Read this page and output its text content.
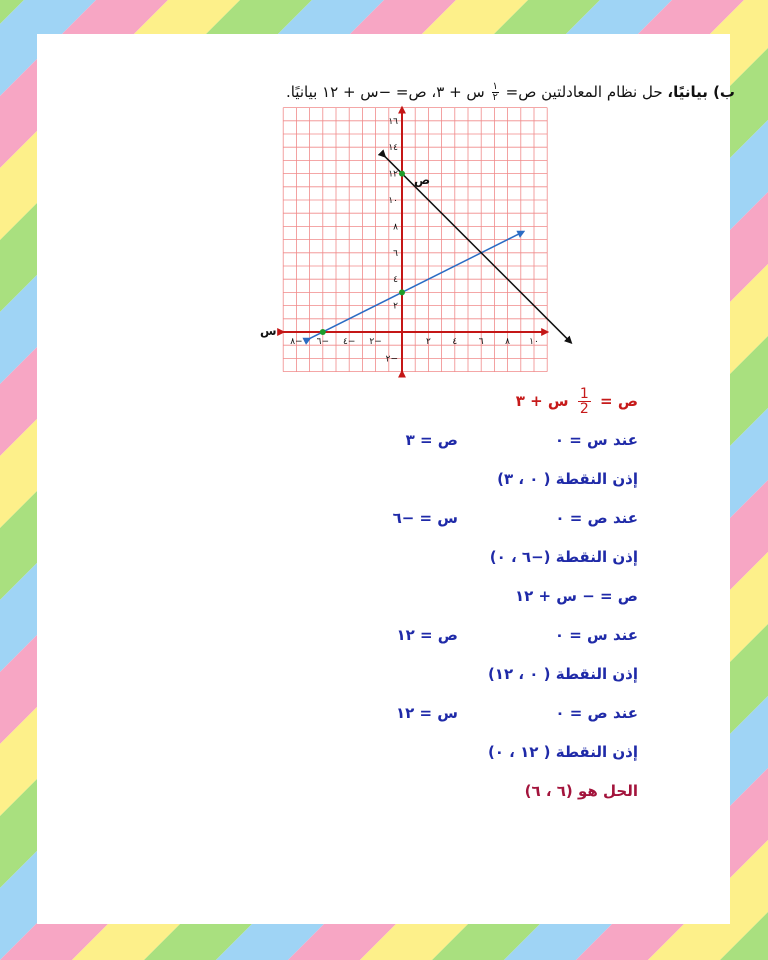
ب) بيانيًا، حل نظام المعادلتين ص=
$\frac{١}{٢}$
س + ٣، ص= −س + ١٢ بيانيًا.
١٠
٨
٦
٤
٢
٢−
٤−
٦−
٨−
١٦
١٤
١٢
١٠
٨
٦
٤
٢
٢−
ص
س
ص =
$\frac{1}{2}$
س + ٣
عند س = ٠
ص = ٣
إذن النقطة ( ٠ ، ٣)
عند ص = ٠
س = −٦
إذن النقطة (−٦ ، ٠)
ص = − س + ١٢
عند س = ٠
ص = ١٢
إذن النقطة ( ٠ ، ١٢)
عند ص = ٠
س = ١٢
إذن النقطة ( ١٢ ، ٠)
الحل هو (٦ ، ٦)
